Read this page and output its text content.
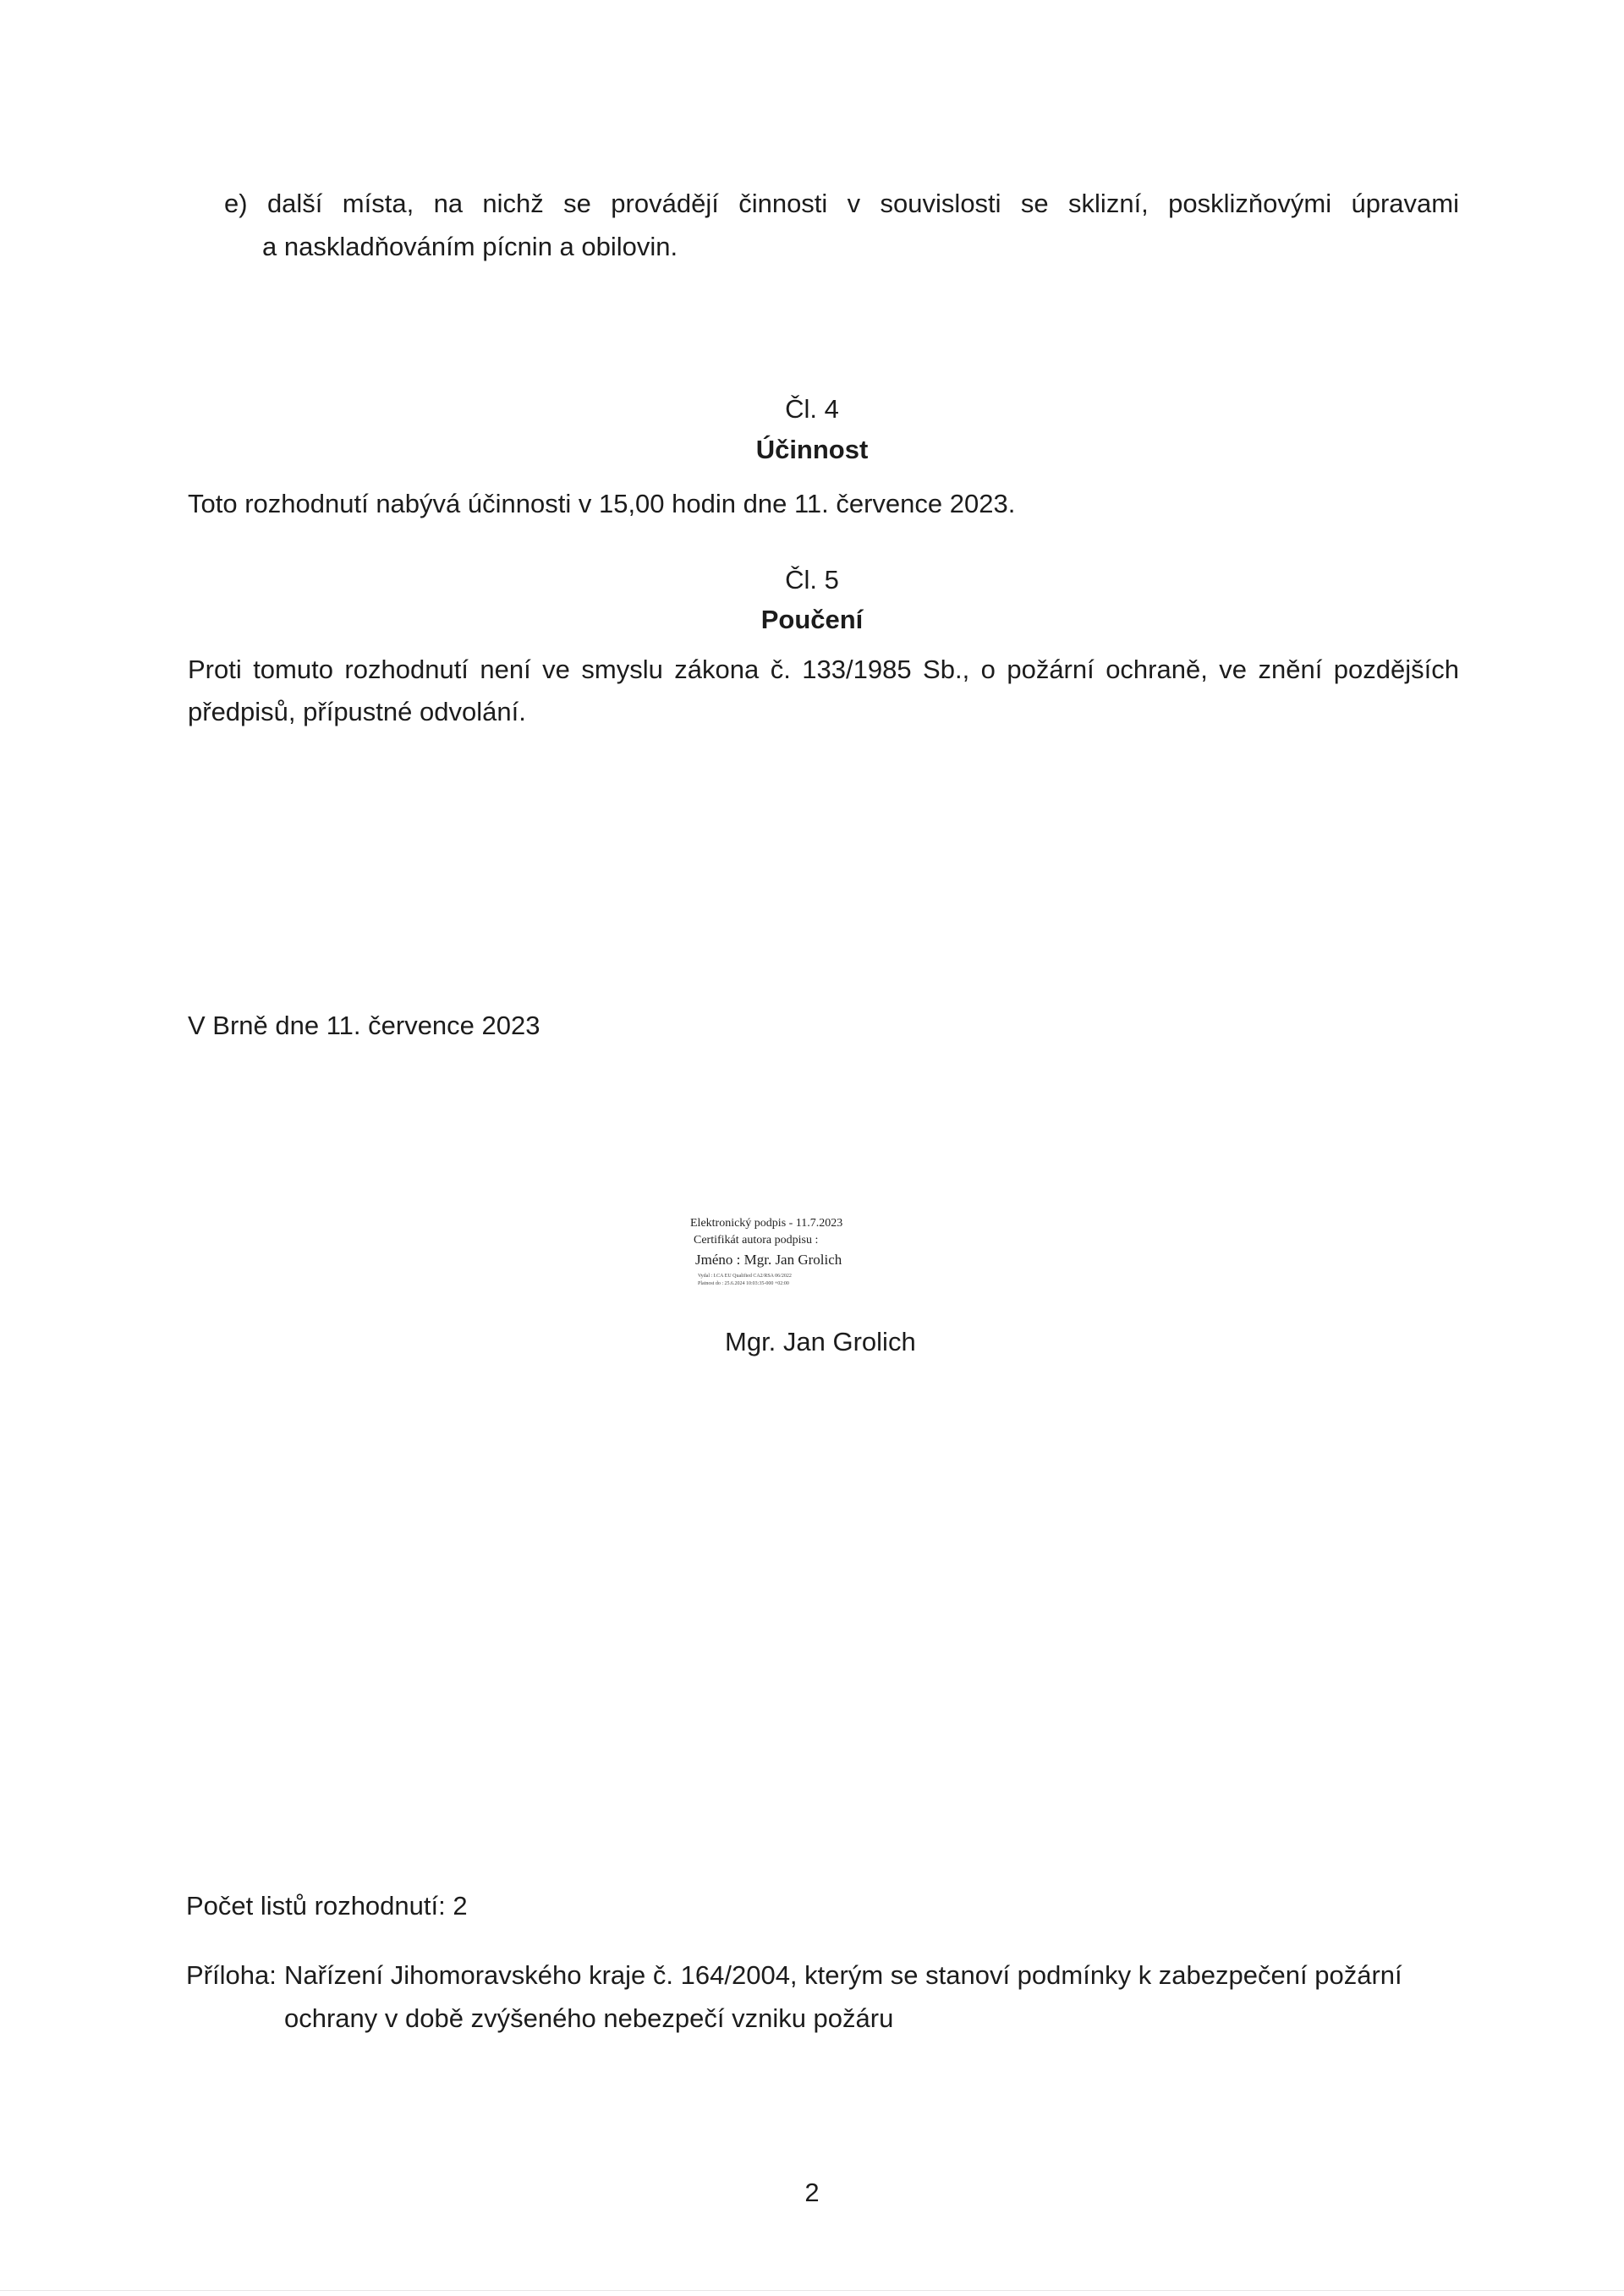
e) další místa, na nichž se provádějí činnosti v souvislosti se sklizní, posklizňovými úpravami

a naskladňováním pícnin a obilovin.

Čl. 4

Účinnost

Toto rozhodnutí nabývá účinnosti v 15,00 hodin dne 11. července 2023.

Čl. 5

Poučení

Proti tomuto rozhodnutí není ve smyslu zákona č. 133/1985 Sb., o požární ochraně, ve znění pozdějších

předpisů, přípustné odvolání.

V Brně dne 11. července 2023

Elektronický podpis - 11.7.2023
Certifikát autora podpisu :
Jméno : Mgr. Jan Grolich
Vydal : I.CA EU Qualified CA2/RSA 06/2022
Platnost do : 25.6.2024 10:03:35-000 +02:00

Mgr. Jan Grolich

Počet listů rozhodnutí: 2

Příloha: Nařízení Jihomoravského kraje č. 164/2004, kterým se stanoví podmínky k zabezpečení požární

ochrany v době zvýšeného nebezpečí vzniku požáru

2
